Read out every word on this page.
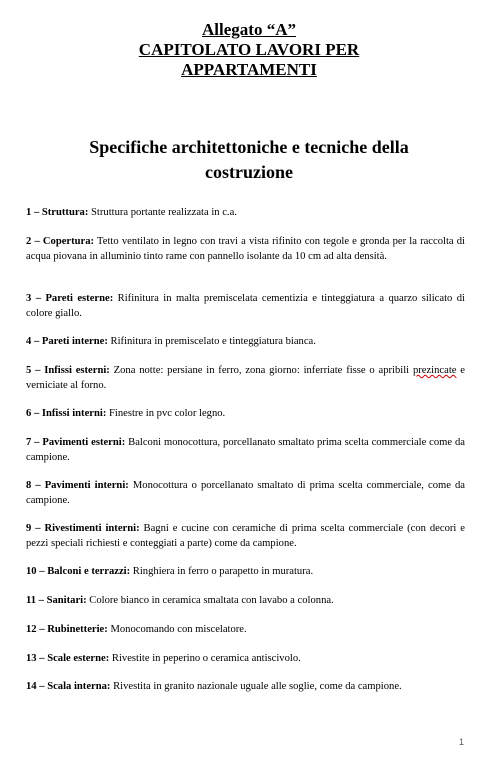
Allegato “A”
CAPITOLATO LAVORI PER
APPARTAMENTI
Specifiche architettoniche e tecniche della
costruzione
1 – Struttura: Struttura portante realizzata in c.a.
2 – Copertura: Tetto ventilato in legno con travi a vista rifinito con tegole e gronda per la raccolta di acqua piovana in alluminio tinto rame con pannello isolante da 10 cm ad alta densità.
3 – Pareti esterne: Rifinitura in malta premiscelata cementizia e tinteggiatura a quarzo silicato di colore giallo.
4 – Pareti interne: Rifinitura in premiscelato e tinteggiatura bianca.
5 – Infissi esterni: Zona notte: persiane in ferro, zona giorno: inferriate fisse o apribili prezincate e verniciate al forno.
6 – Infissi interni: Finestre in pvc color legno.
7 – Pavimenti esterni: Balconi monocottura, porcellanato smaltato prima scelta commerciale come da campione.
8 – Pavimenti interni: Monocottura o porcellanato smaltato di prima scelta commerciale, come da campione.
9 – Rivestimenti interni: Bagni e cucine con ceramiche di prima scelta commerciale (con decori e pezzi speciali richiesti e conteggiati a parte) come da campione.
10 – Balconi e terrazzi: Ringhiera in ferro o parapetto in muratura.
11 – Sanitari: Colore bianco in ceramica smaltata con lavabo a colonna.
12 – Rubinetterie: Monocomando con miscelatore.
13 – Scale esterne: Rivestite in peperino o ceramica antiscivolo.
14 – Scala interna: Rivestita in granito nazionale uguale alle soglie, come da campione.
1
